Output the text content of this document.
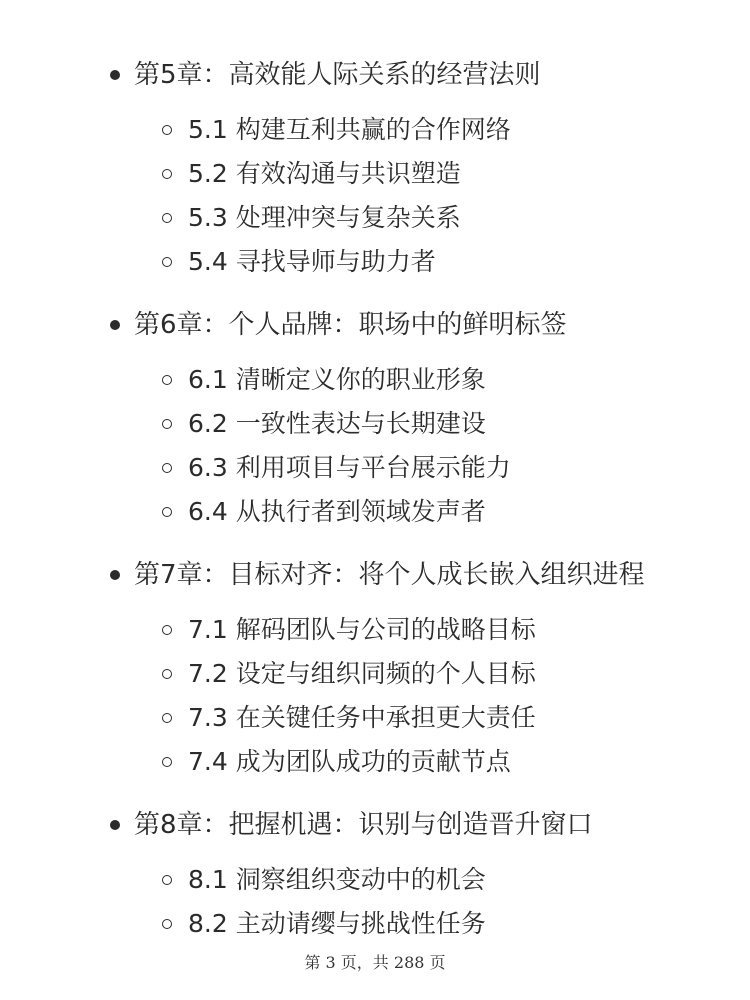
第5章：高效能人际关系的经营法则
5.1 构建互利共赢的合作网络
5.2 有效沟通与共识塑造
5.3 处理冲突与复杂关系
5.4 寻找导师与助力者
第6章：个人品牌：职场中的鲜明标签
6.1 清晰定义你的职业形象
6.2 一致性表达与长期建设
6.3 利用项目与平台展示能力
6.4 从执行者到领域发声者
第7章：目标对齐：将个人成长嵌入组织进程
7.1 解码团队与公司的战略目标
7.2 设定与组织同频的个人目标
7.3 在关键任务中承担更大责任
7.4 成为团队成功的贡献节点
第8章：把握机遇：识别与创造晋升窗口
8.1 洞察组织变动中的机会
8.2 主动请缨与挑战性任务
第 3 页，共 288 页
